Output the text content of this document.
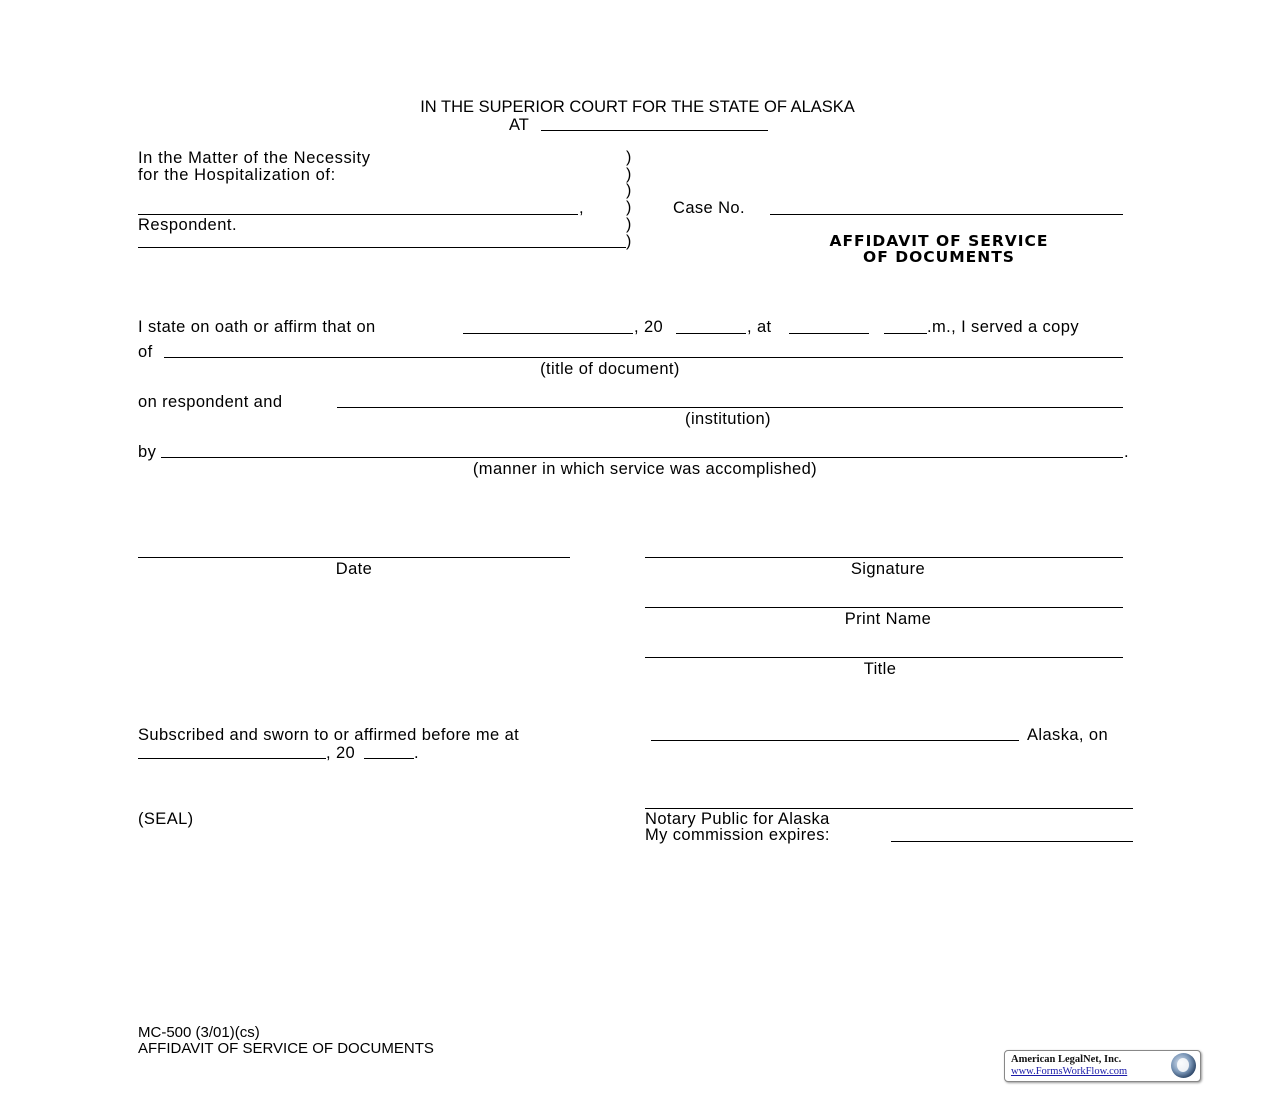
IN THE SUPERIOR COURT FOR THE STATE OF ALASKA
AT
In the Matter of the Necessity
for the Hospitalization of:
,
Respondent.
)
)
)
)
)
)
Case No.
AFFIDAVIT OF SERVICE
OF DOCUMENTS
I state on oath or affirm that on	, 20	, at	.m., I served a copy
of
(title of document)
on respondent and
(institution)
by	.
(manner in which service was accomplished)
Date	Signature
Print Name
Title
Subscribed and sworn to or affirmed before me at	Alaska, on
, 20	.
(SEAL)	Notary Public for Alaska
My commission expires:
MC-500 (3/01)(cs)
AFFIDAVIT OF SERVICE OF DOCUMENTS
American LegalNet, Inc.
www.FormsWorkFlow.com
